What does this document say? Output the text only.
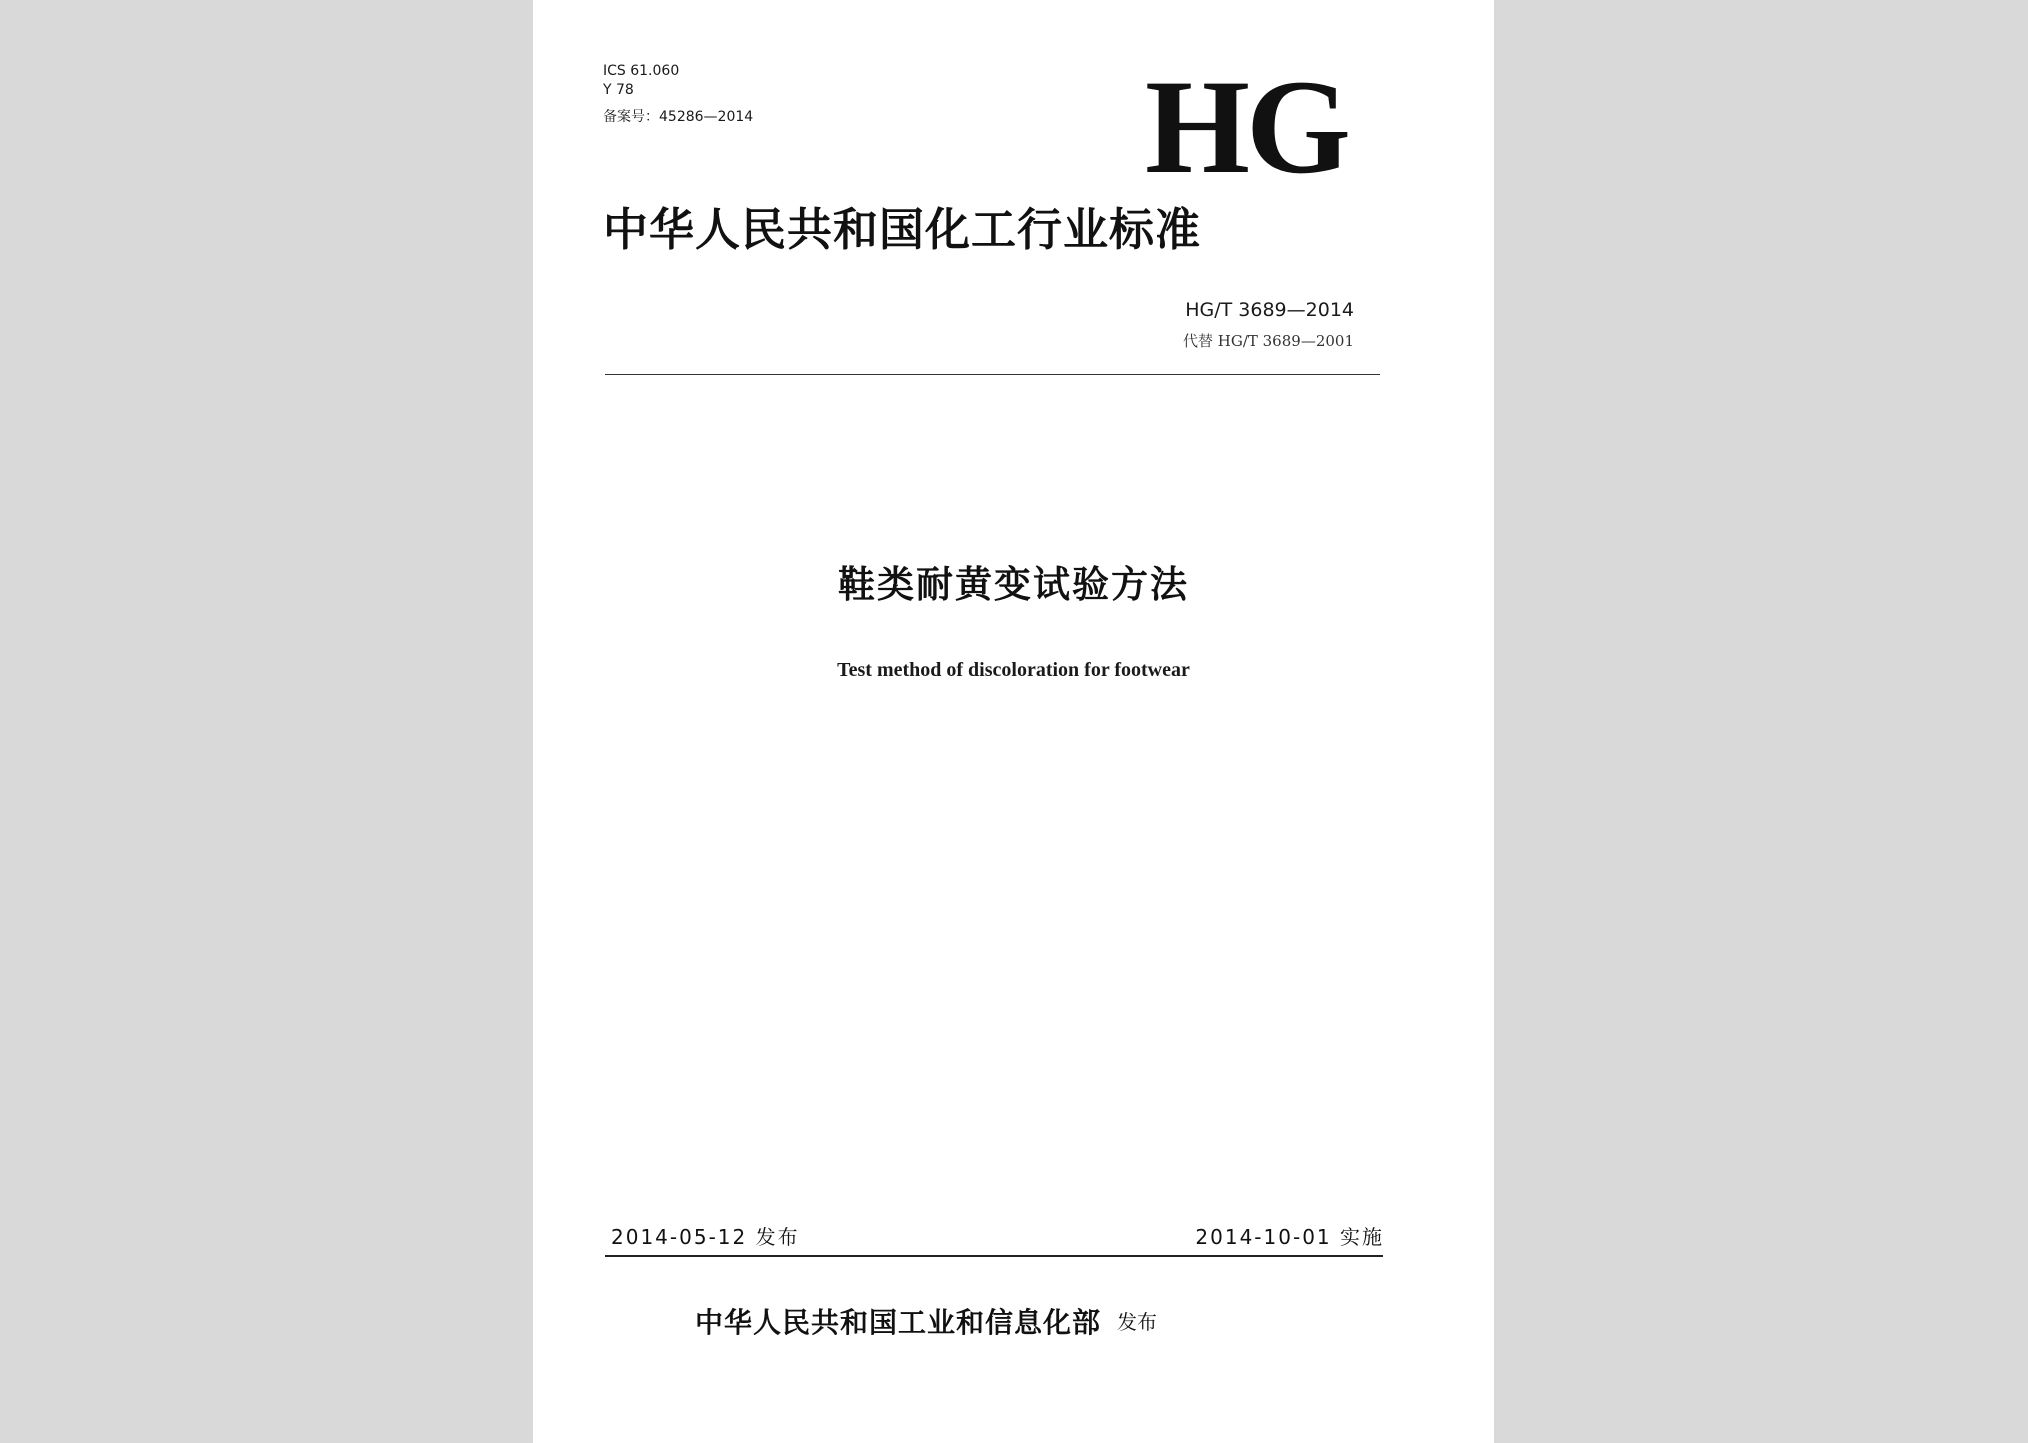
ICS 61.060
Y 78
备案号：45286—2014	HG
中华人民共和国化工行业标准
HG/T 3689—2014
代替 HG/T 3689—2001
鞋类耐黄变试验方法
Test method of discoloration for footwear
2014-05-12 发布	2014-10-01 实施
中华人民共和国工业和信息化部 发布
